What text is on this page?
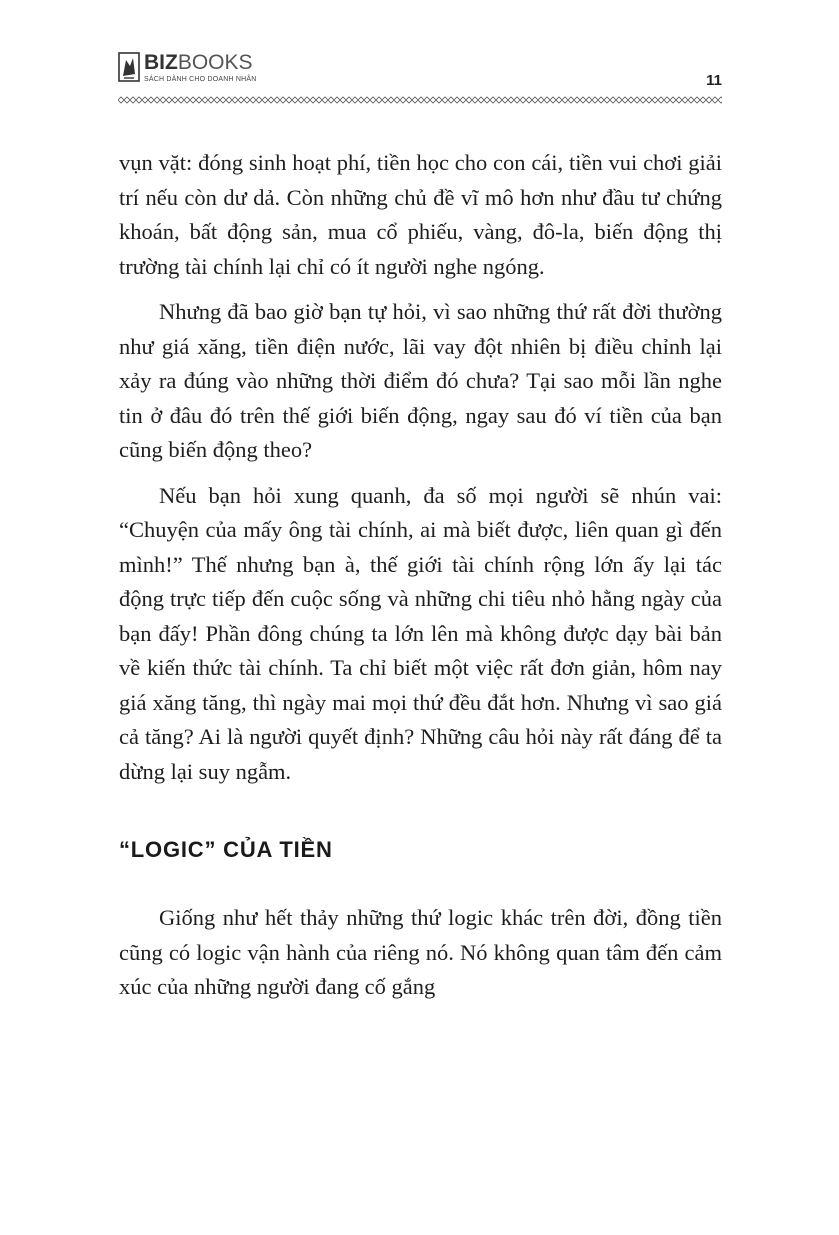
BIZBOOKS
SÁCH DÀNH CHO DOANH NHÂN	11

vụn vặt: đóng sinh hoạt phí, tiền học cho con cái, tiền vui chơi giải trí nếu còn dư dả. Còn những chủ đề vĩ mô hơn như đầu tư chứng khoán, bất động sản, mua cổ phiếu, vàng, đô-la, biến động thị trường tài chính lại chỉ có ít người nghe ngóng.

Nhưng đã bao giờ bạn tự hỏi, vì sao những thứ rất đời thường như giá xăng, tiền điện nước, lãi vay đột nhiên bị điều chỉnh lại xảy ra đúng vào những thời điểm đó chưa? Tại sao mỗi lần nghe tin ở đâu đó trên thế giới biến động, ngay sau đó ví tiền của bạn cũng biến động theo?

Nếu bạn hỏi xung quanh, đa số mọi người sẽ nhún vai: “Chuyện của mấy ông tài chính, ai mà biết được, liên quan gì đến mình!” Thế nhưng bạn à, thế giới tài chính rộng lớn ấy lại tác động trực tiếp đến cuộc sống và những chi tiêu nhỏ hằng ngày của bạn đấy! Phần đông chúng ta lớn lên mà không được dạy bài bản về kiến thức tài chính. Ta chỉ biết một việc rất đơn giản, hôm nay giá xăng tăng, thì ngày mai mọi thứ đều đắt hơn. Nhưng vì sao giá cả tăng? Ai là người quyết định? Những câu hỏi này rất đáng để ta dừng lại suy ngẫm.

“LOGIC” CỦA TIỀN

Giống như hết thảy những thứ logic khác trên đời, đồng tiền cũng có logic vận hành của riêng nó. Nó không quan tâm đến cảm xúc của những người đang cố gắng
